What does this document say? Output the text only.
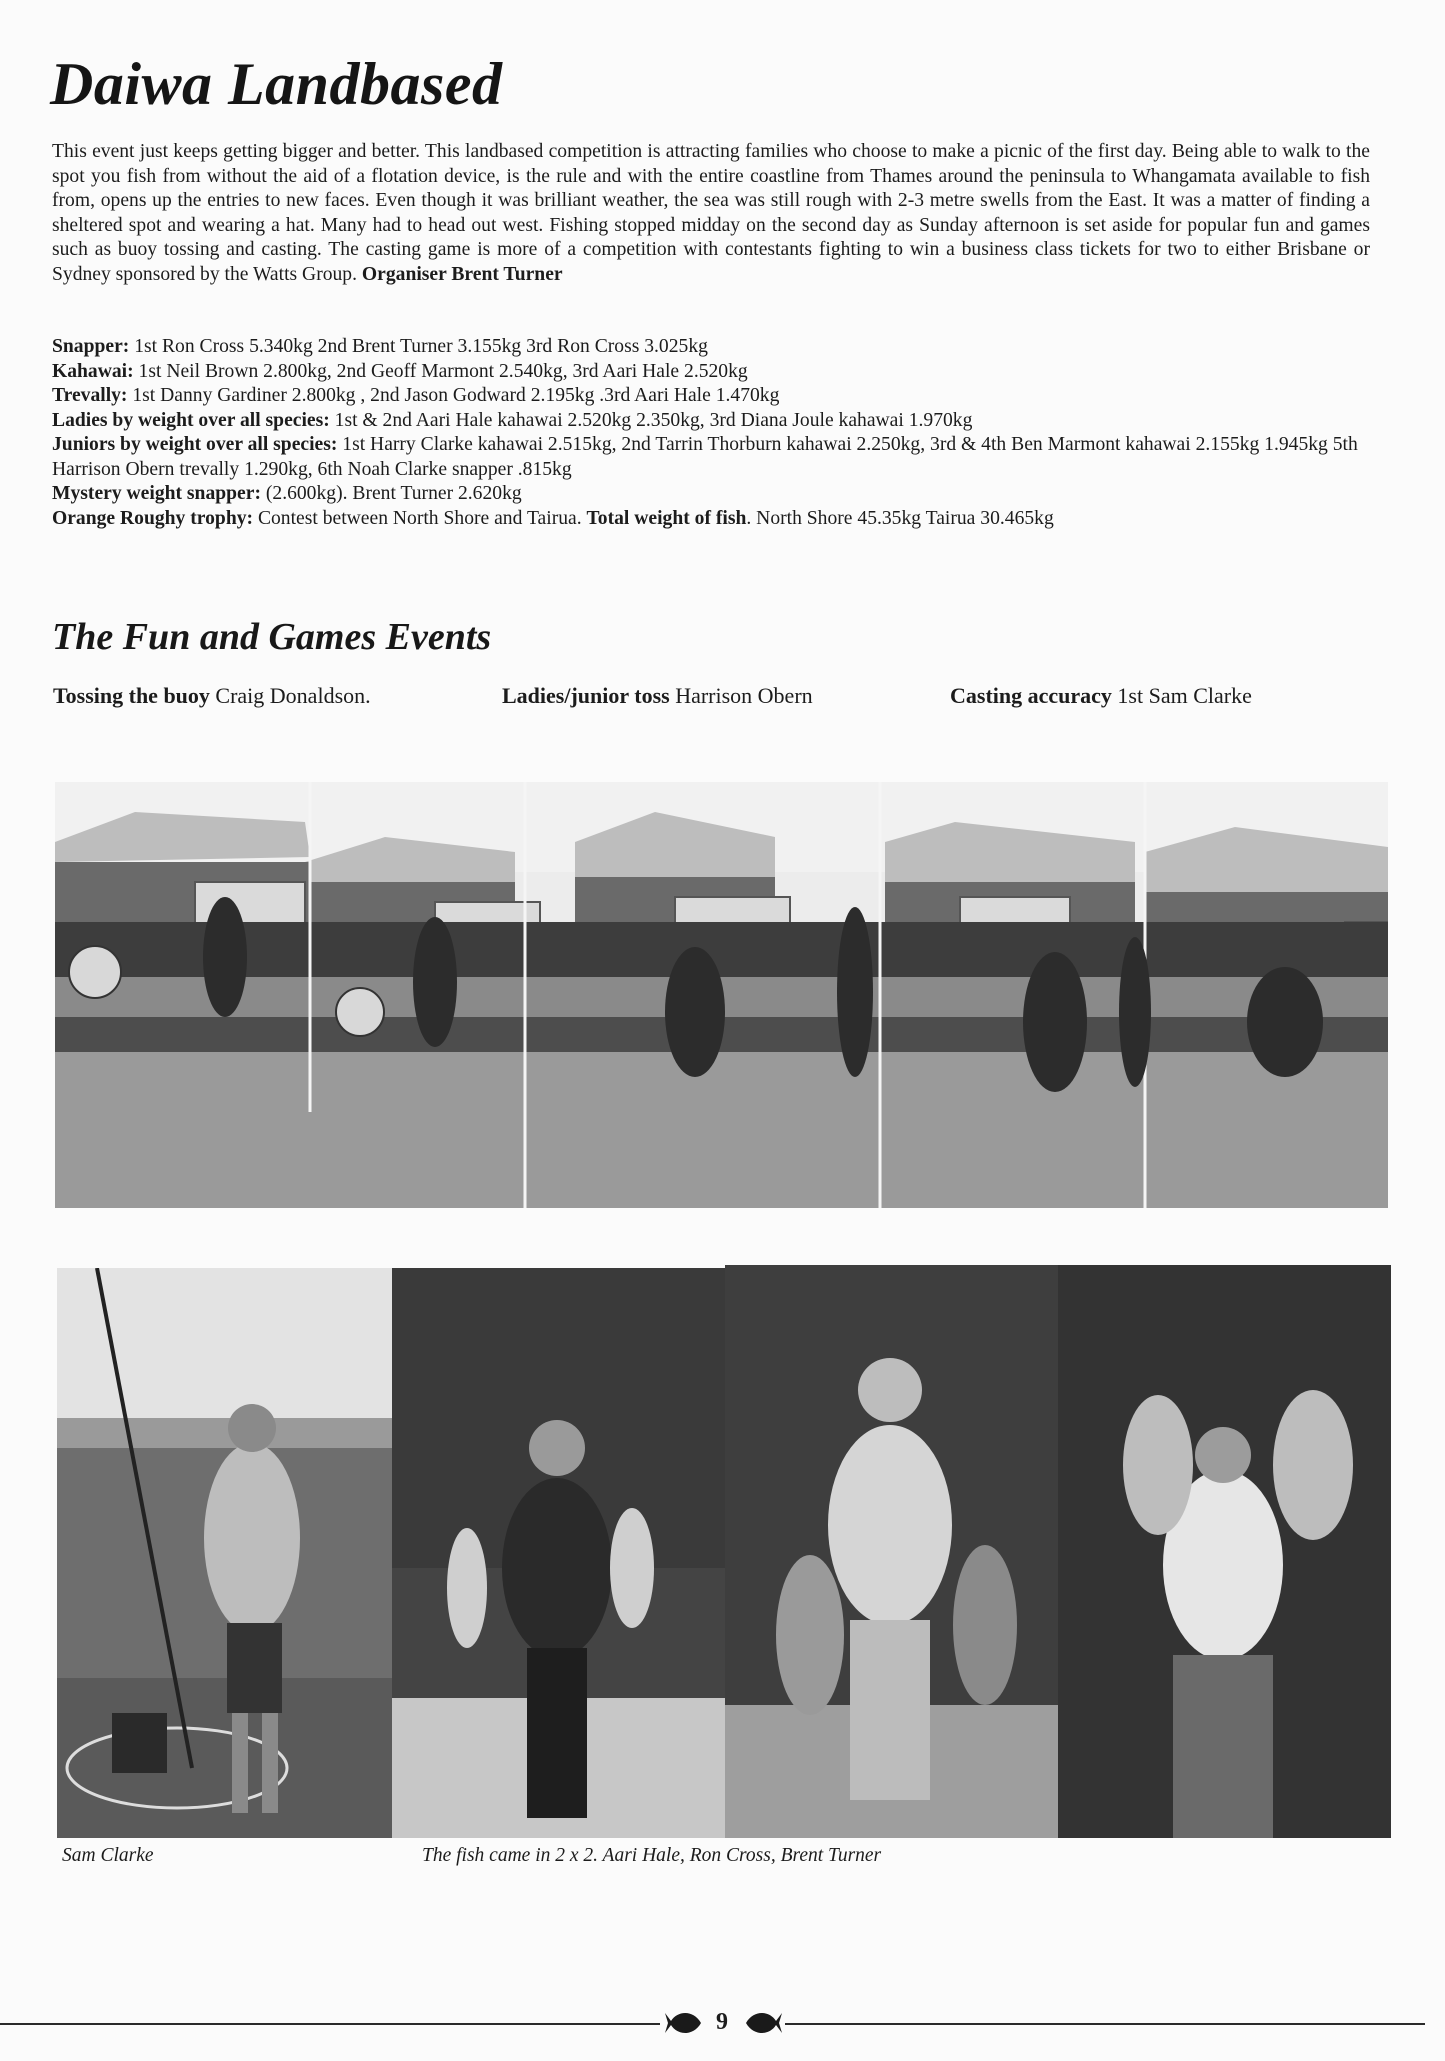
Daiwa Landbased

This event just keeps getting bigger and better. This landbased competition is attracting families who choose to make a picnic of the first day. Being able to walk to the spot you fish from without the aid of a flotation device, is the rule and with the entire coastline from Thames around the peninsula to Whangamata available to fish from, opens up the entries to new faces. Even though it was brilliant weather, the sea was still rough with 2-3 metre swells from the East. It was a matter of finding a sheltered spot and wearing a hat. Many had to head out west. Fishing stopped midday on the second day as Sunday afternoon is set aside for popular fun and games such as buoy tossing and casting. The casting game is more of a competition with contestants fighting to win a business class tickets for two to either Brisbane or Sydney sponsored by the Watts Group. Organiser Brent Turner

Snapper: 1st Ron Cross 5.340kg 2nd Brent Turner 3.155kg 3rd Ron Cross 3.025kg

Kahawai: 1st Neil Brown 2.800kg, 2nd Geoff Marmont 2.540kg, 3rd Aari Hale 2.520kg

Trevally: 1st Danny Gardiner 2.800kg , 2nd Jason Godward 2.195kg .3rd Aari Hale 1.470kg

Ladies by weight over all species: 1st & 2nd Aari Hale kahawai 2.520kg 2.350kg, 3rd Diana Joule kahawai 1.970kg

Juniors by weight over all species: 1st Harry Clarke kahawai 2.515kg, 2nd Tarrin Thorburn kahawai 2.250kg, 3rd & 4th Ben Marmont kahawai 2.155kg 1.945kg 5th Harrison Obern trevally 1.290kg, 6th Noah Clarke snapper .815kg

Mystery weight snapper: (2.600kg). Brent Turner 2.620kg

Orange Roughy trophy: Contest between North Shore and Tairua. Total weight of fish. North Shore 45.35kg Tairua 30.465kg

The Fun and Games Events
Tossing the buoy Craig Donaldson.	Ladies/junior toss Harrison Obern	Casting accuracy 1st Sam Clarke
Sam Clarke	The fish came in 2 x 2. Aari Hale, Ron Cross, Brent Turner
9
